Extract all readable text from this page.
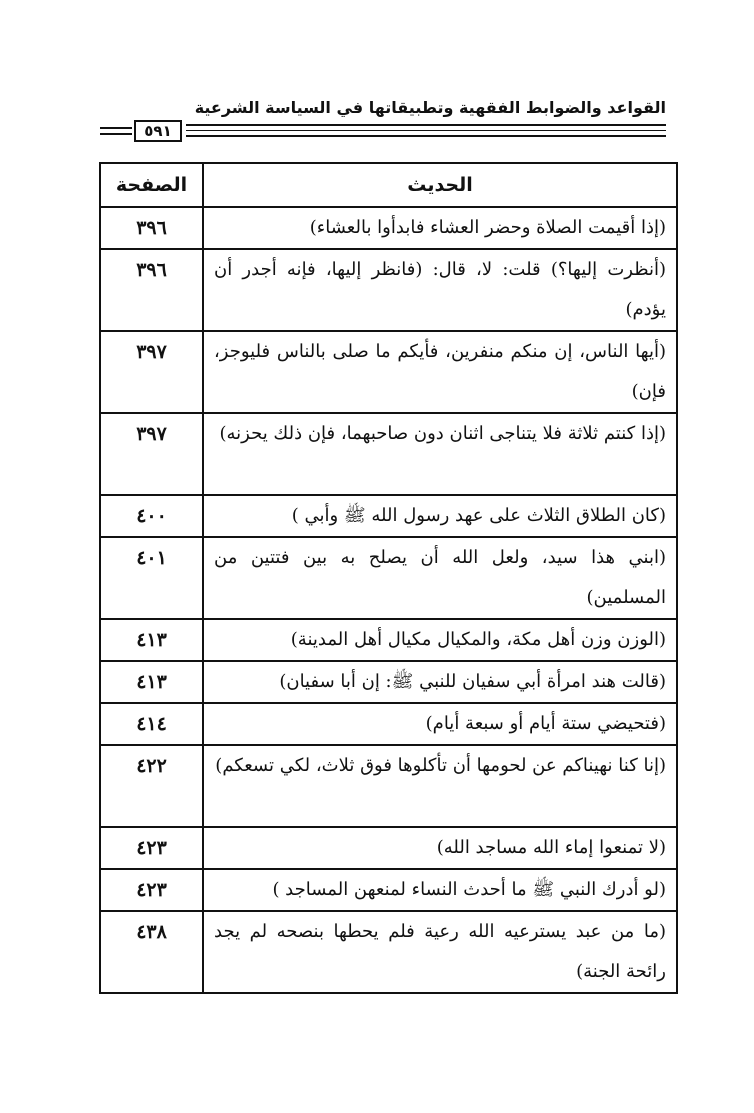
القواعد والضوابط الفقهية وتطبيقاتها في السياسة الشرعية
٥٩١
الحديث	الصفحة
(إذا أقيمت الصلاة وحضر العشاء فابدأوا بالعشاء)	٣٩٦
(أنظرت إليها؟) قلت: لا، قال: (فانظر إليها، فإنه أجدر أن يؤدم)	٣٩٦
(أيها الناس، إن منكم منفرين، فأيكم ما صلى بالناس فليوجز، فإن)	٣٩٧
(إذا كنتم ثلاثة فلا يتناجى اثنان دون صاحبهما، فإن ذلك يحزنه)	٣٩٧
(كان الطلاق الثلاث على عهد رسول الله ﷺ وأبي )	٤٠٠
(ابني هذا سيد، ولعل الله أن يصلح به بين فتتين من المسلمين)	٤٠١
(الوزن وزن أهل مكة، والمكيال مكيال أهل المدينة)	٤١٣
(قالت هند امرأة أبي سفيان للنبي ﷺ: إن أبا سفيان)	٤١٣
(فتحيضي ستة أيام أو سبعة أيام)	٤١٤
(إنا كنا نهيناكم عن لحومها أن تأكلوها فوق ثلاث، لكي تسعكم)	٤٢٢
(لا تمنعوا إماء الله مساجد الله)	٤٢٣
(لو أدرك النبي ﷺ ما أحدث النساء لمنعهن المساجد )	٤٢٣
(ما من عبد يسترعيه الله رعية فلم يحطها بنصحه لم يجد رائحة الجنة)	٤٣٨
